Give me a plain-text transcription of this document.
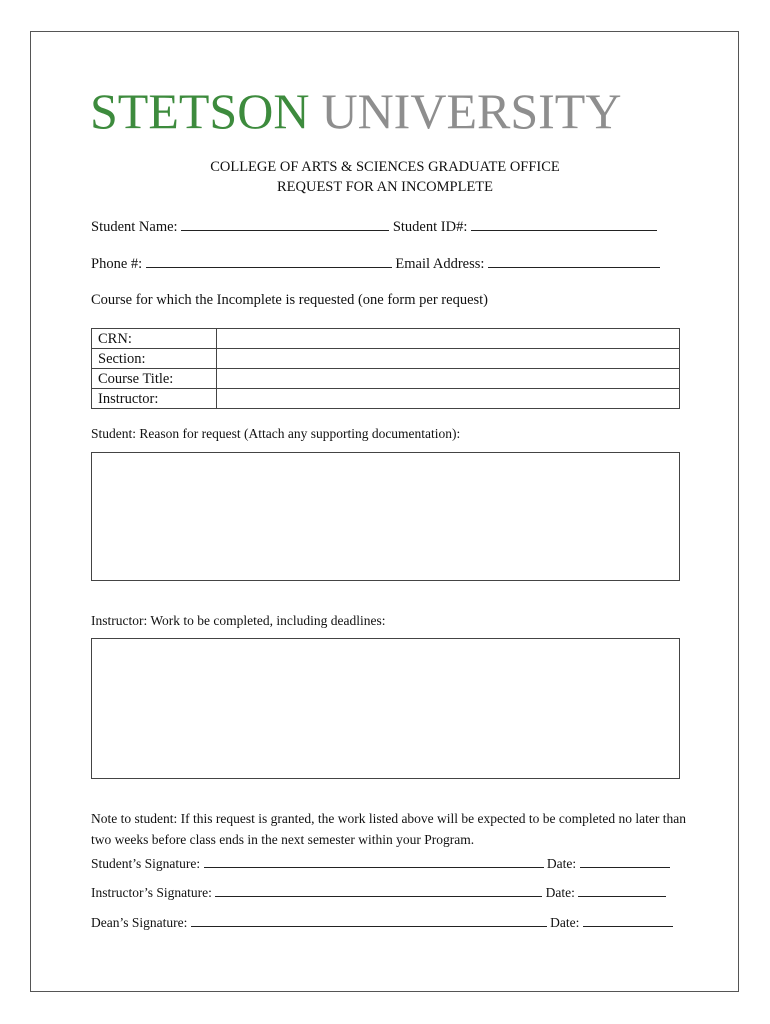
STETSON UNIVERSITY
COLLEGE OF ARTS & SCIENCES GRADUATE OFFICE
REQUEST FOR AN INCOMPLETE
Student Name:	Student ID#:
Phone #:	Email Address:
Course for which the Incomplete is requested (one form per request)
CRN:	
Section:	
Course Title:	
Instructor:	
Student: Reason for request (Attach any supporting documentation):
Instructor: Work to be completed, including deadlines:
Note to student: If this request is granted, the work listed above will be expected to be completed no later than two weeks before class ends in the next semester within your Program.
Student’s Signature:	Date:
Instructor’s Signature:	Date:
Dean’s Signature:	Date:
